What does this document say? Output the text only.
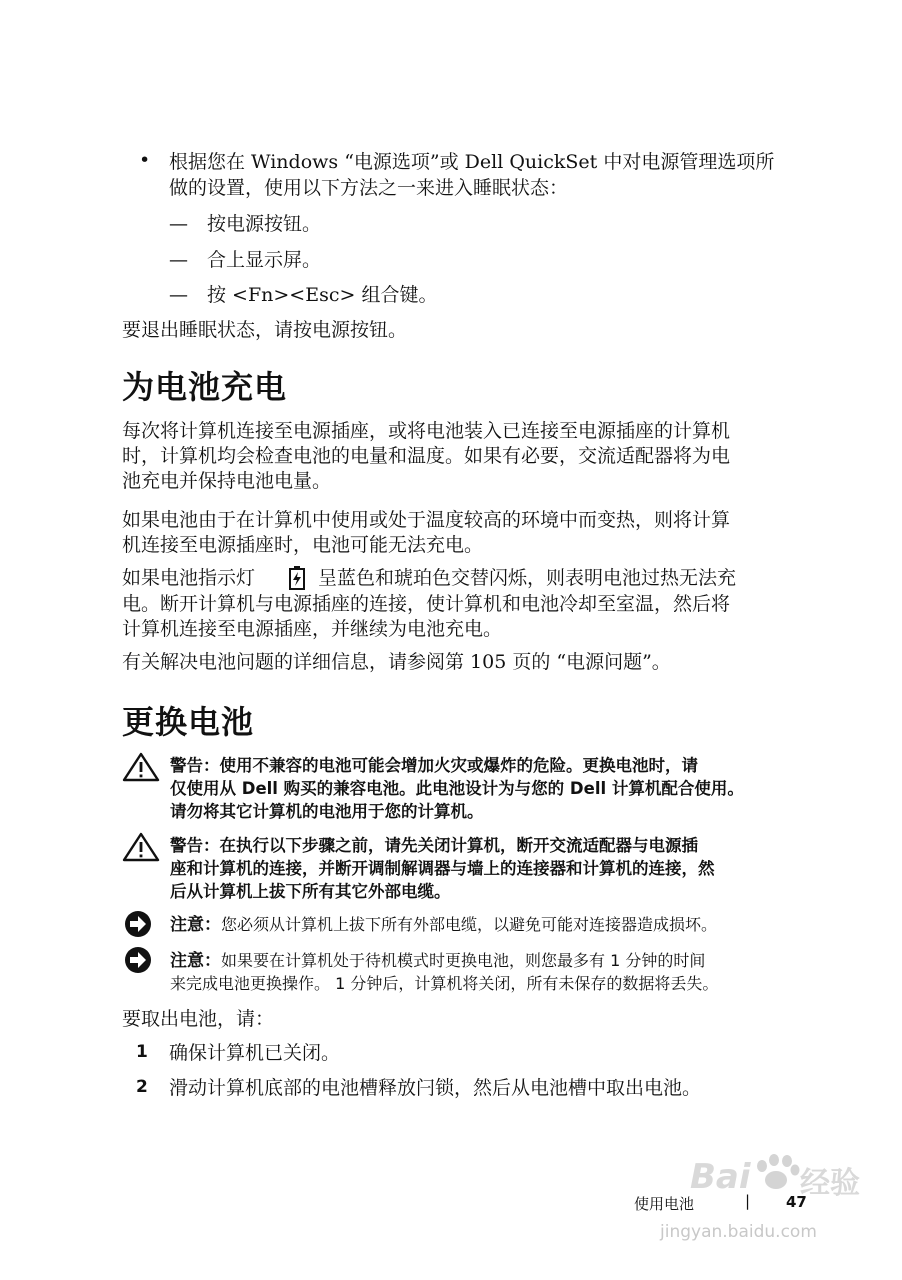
• 根据您在 Windows “电源选项”或 Dell QuickSet 中对电源管理选项所
做的设置，使用以下方法之一来进入睡眠状态：
— 按电源按钮。
— 合上显示屏。
— 按 <Fn><Esc> 组合键。
要退出睡眠状态，请按电源按钮。
为电池充电
每次将计算机连接至电源插座，或将电池装入已连接至电源插座的计算机
时，计算机均会检查电池的电量和温度。如果有必要，交流适配器将为电
池充电并保持电池电量。
如果电池由于在计算机中使用或处于温度较高的环境中而变热，则将计算
机连接至电源插座时，电池可能无法充电。
如果电池指示灯	呈蓝色和琥珀色交替闪烁，则表明电池过热无法充
电。断开计算机与电源插座的连接，使计算机和电池冷却至室温，然后将
计算机连接至电源插座，并继续为电池充电。
有关解决电池问题的详细信息，请参阅第 105 页的 “电源问题”。
更换电池
警告：使用不兼容的电池可能会增加火灾或爆炸的危险。更换电池时，请
仅使用从 Dell 购买的兼容电池。此电池设计为与您的 Dell 计算机配合使用。
请勿将其它计算机的电池用于您的计算机。
警告：在执行以下步骤之前，请先关闭计算机，断开交流适配器与电源插
座和计算机的连接，并断开调制解调器与墙上的连接器和计算机的连接，然
后从计算机上拔下所有其它外部电缆。
注意：您必须从计算机上拔下所有外部电缆，以避免可能对连接器造成损坏。
注意：如果要在计算机处于待机模式时更换电池，则您最多有 1 分钟的时间
来完成电池更换操作。 1 分钟后，计算机将关闭，所有未保存的数据将丢失。
要取出电池，请：
1 确保计算机已关闭。
2 滑动计算机底部的电池槽释放闩锁，然后从电池槽中取出电池。
Bai 经验
使用电池	| 47
jingyan.baidu.com
